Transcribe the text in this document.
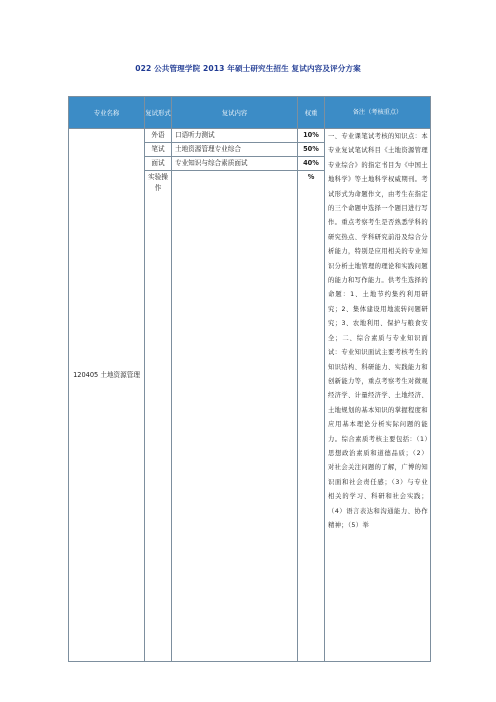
022 公共管理学院 2013 年硕士研究生招生 复试内容及评分方案
专业名称	复试形式	复试内容	权重	备注（考核重点）
120405 土地资源管理	外语	口语听力测试	10%	一、专业课笔试考核的知识点：本专业复试笔试科目《土地资源管理专业综合》的指定书目为《中国土地科学》等土地科学权威期刊。考试形式为命题作文，由考生在指定的三个命题中选择一个题目进行写作。重点考察考生是否熟悉学科的研究热点、学科研究前沿及综合分析能力，特别是应用相关的专业知识分析土地管理的理论和实践问题的能力和写作能力。供考生选择的命题：1、土地节约集约利用研究；2、集体建设用地流转问题研究；3、农地利用、保护与粮食安全；二、综合素质与专业知识面试：专业知识面试主要考核考生的知识结构、科研能力、实践能力和创新能力等，重点考察考生对微观经济学、计量经济学、土地经济、土地规划的基本知识的掌握程度和应用基本理论分析实际问题的能力。综合素质考核主要包括：（1）思想政治素质和道德品质；（2）对社会关注问题的了解，广博的知识面和社会责任感；（3）与专业相关的学习、科研和社会实践；（4）语言表达和沟通能力、协作精神；（5）举
	笔试	土地资源管理专业综合	50%	
	面试	专业知识与综合素质面试	40%	
	实验操作		%	
